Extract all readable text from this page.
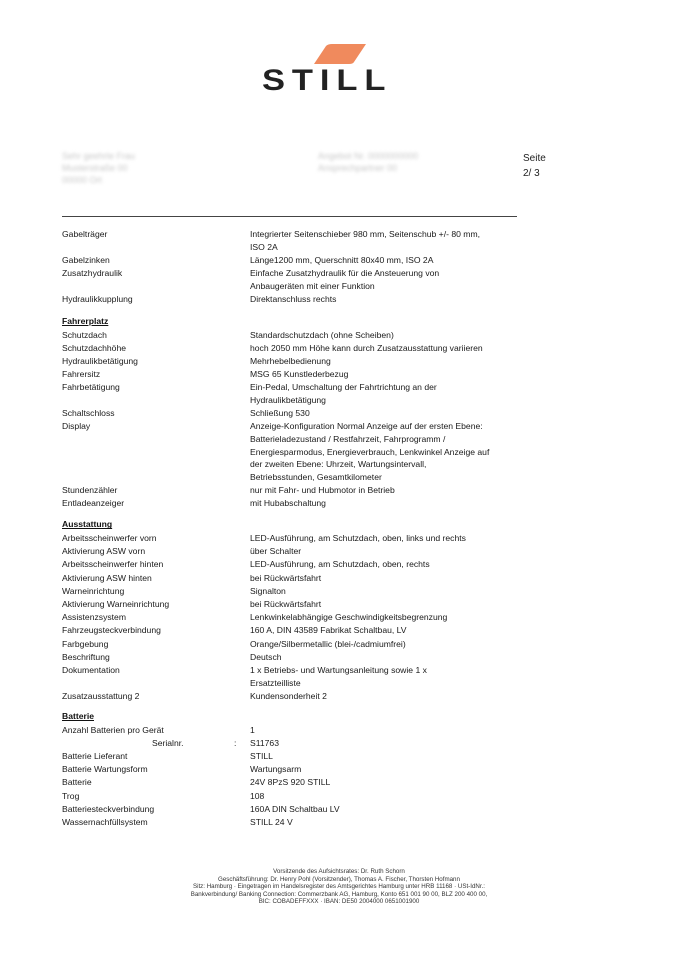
STILL
Sehr geehrte Frau
Musterstraße 00
00000 Ort
Angebot Nr. 0000000000
Ansprechpartner 00
Seite
2/ 3
Gabelträger	Integrierter Seitenschieber 980 mm, Seitenschub +/- 80 mm,
ISO 2A
Gabelzinken	Länge1200 mm, Querschnitt 80x40 mm, ISO 2A
Zusatzhydraulik	Einfache Zusatzhydraulik für die Ansteuerung von
Anbaugeräten mit einer Funktion
Hydraulikkupplung	Direktanschluss rechts
Fahrerplatz
Schutzdach	Standardschutzdach (ohne Scheiben)
Schutzdachhöhe	hoch 2050 mm Höhe kann durch Zusatzausstattung variieren
Hydraulikbetätigung	Mehrhebelbedienung
Fahrersitz	MSG 65 Kunstlederbezug
Fahrbetätigung	Ein-Pedal, Umschaltung der Fahrtrichtung an der
Hydraulikbetätigung
Schaltschloss	Schließung 530
Display	Anzeige-Konfiguration Normal Anzeige auf der ersten Ebene:
Batterieladezustand / Restfahrzeit, Fahrprogramm /
Energiesparmodus, Energieverbrauch, Lenkwinkel Anzeige auf
der zweiten Ebene: Uhrzeit, Wartungsintervall,
Betriebsstunden, Gesamtkilometer
Stundenzähler	nur mit Fahr- und Hubmotor in Betrieb
Entladeanzeiger	mit Hubabschaltung
Ausstattung
Arbeitsscheinwerfer vorn	LED-Ausführung, am Schutzdach, oben, links und rechts
Aktivierung ASW vorn	über Schalter
Arbeitsscheinwerfer hinten	LED-Ausführung, am Schutzdach, oben, rechts
Aktivierung ASW hinten	bei Rückwärtsfahrt
Warneinrichtung	Signalton
Aktivierung Warneinrichtung	bei Rückwärtsfahrt
Assistenzsystem	Lenkwinkelabhängige Geschwindigkeitsbegrenzung
Fahrzeugsteckverbindung	160 A, DIN 43589 Fabrikat Schaltbau, LV
Farbgebung	Orange/Silbermetallic (blei-/cadmiumfrei)
Beschriftung	Deutsch
Dokumentation	1 x Betriebs- und Wartungsanleitung sowie 1 x
Ersatzteilliste
Zusatzausstattung 2	Kundensonderheit 2
Batterie
Anzahl Batterien pro Gerät	1
Serialnr.	: S11763
Batterie Lieferant	STILL
Batterie Wartungsform	Wartungsarm
Batterie	24V 8PzS 920 STILL
Trog	108
Batteriesteckverbindung	160A DIN Schaltbau LV
Wassernachfüllsystem	STILL 24 V
Vorsitzende des Aufsichtsrates: Dr. Ruth Schorn
Geschäftsführung: Dr. Henry Pohl (Vorsitzender), Thomas A. Fischer, Thorsten Hofmann
Sitz: Hamburg · Eingetragen im Handelsregister des Amtsgerichtes Hamburg unter HRB 11168 · USt-IdNr.:
Bankverbindung/ Banking Connection: Commerzbank AG, Hamburg, Konto 651 001 90 00, BLZ 200 400 00,
BIC: COBADEFFXXX · IBAN: DE50 2004000 0651001900
